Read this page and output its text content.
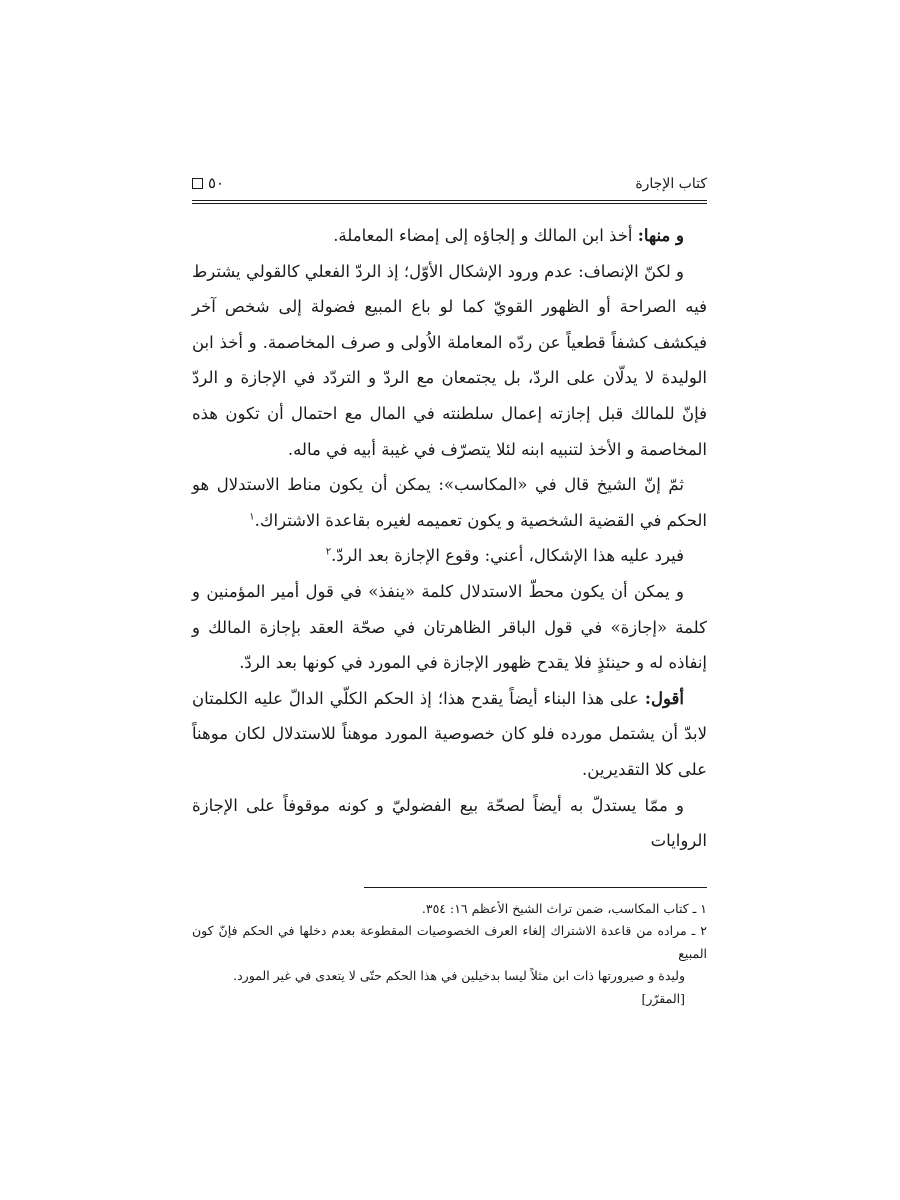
كتاب الإجارة
٥٠

و منها: أخذ ابن المالك و إلجاؤه إلى إمضاء المعاملة.

و لكنّ الإنصاف: عدم ورود الإشكال الأوّل؛ إذ الردّ الفعلي كالقولي يشترط فيه الصراحة أو الظهور القويّ كما لو باع المبيع فضولة إلى شخص آخر فيكشف كشفاً قطعياً عن ردّه المعاملة الاُولى و صرف المخاصمة. و أخذ ابن الوليدة لا يدلّان على الردّ، بل يجتمعان مع الردّ و التردّد في الإجازة و الردّ فإنّ للمالك قبل إجازته إعمال سلطنته في المال مع احتمال أن تكون هذه المخاصمة و الأخذ لتنبيه ابنه لئلا يتصرّف في غيبة أبيه في ماله.

ثمّ إنّ الشيخ‏ قال في «المكاسب»: يمكن أن يكون مناط الاستدلال هو الحكم في القضية الشخصية و يكون تعميمه لغيره بقاعدة الاشتراك.$^١$

فيرد عليه هذا الإشكال، أعني: وقوع الإجازة بعد الردّ.$^٢$

و يمكن أن يكون محطّ الاستدلال كلمة «ينفذ» في قول أمير المؤمنين‏ و كلمة «إجازة» في قول الباقر الظاهرتان في صحّة العقد بإجازة المالك و إنفاذه له و حينئذٍ فلا يقدح ظهور الإجازة في المورد في كونها بعد الردّ.

أقول: على هذا البناء أيضاً يقدح هذا؛ إذ الحكم الكلّي الدالّ عليه الكلمتان لابدّ أن يشتمل مورده فلو كان خصوصية المورد موهناً للاستدلال لكان موهناً على كلا التقديرين.

و ممّا يستدلّ به أيضاً لصحّة بيع الفضوليّ و كونه موقوفاً على الإجازة الروايات

١ ـ كتاب المكاسب، ضمن تراث الشيخ الأعظم ١٦: ٣٥٤.

٢ ـ مراده من قاعدة الاشتراك إلغاء العرف الخصوصيات المقطوعة بعدم دخلها في الحكم فإنّ كون المبيع

وليدة و صيرورتها ذات ابن مثلاً ليسا بدخيلين في هذا الحكم حتّى لا يتعدى في غير المورد.

[المقرّر]
